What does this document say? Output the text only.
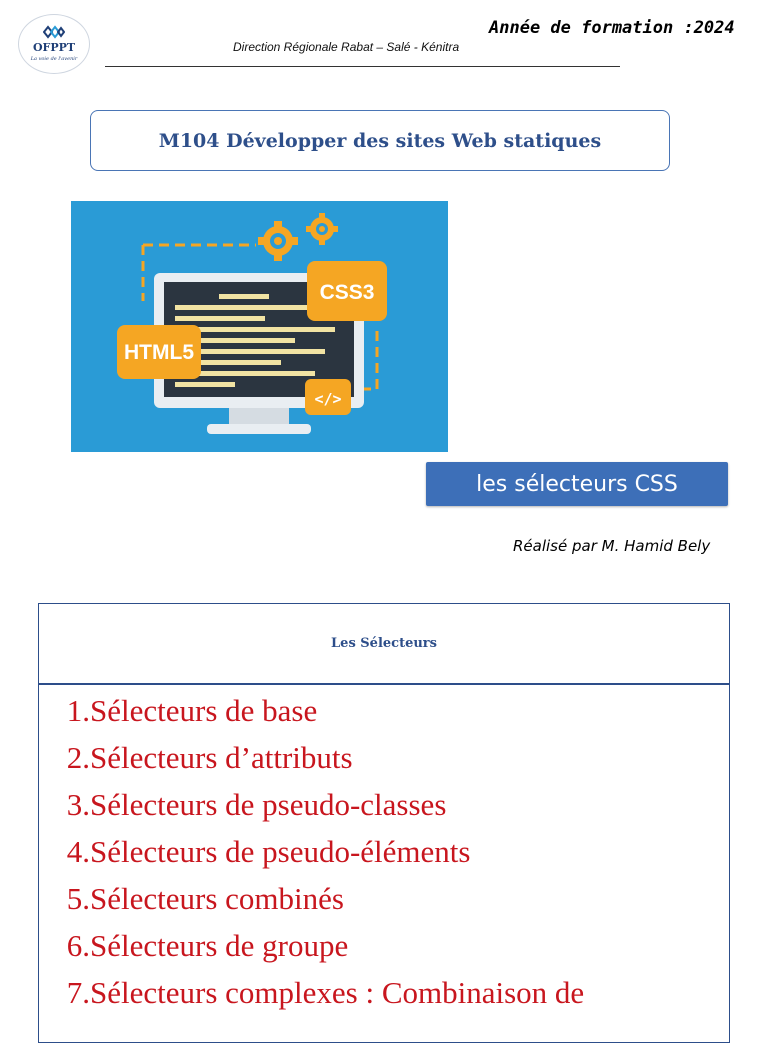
OFPPT
La voie de l'avenir
Année de formation :2024
Direction Régionale Rabat – Salé - Kénitra
M104 Développer des sites Web statiques
CSS3
HTML5
</>
les sélecteurs CSS
Réalisé par M. Hamid Bely
Les Sélecteurs
1. Sélecteurs de base
2. Sélecteurs d’attributs
3. Sélecteurs de pseudo-classes
4. Sélecteurs de pseudo-éléments
5. Sélecteurs combinés
6. Sélecteurs de groupe
7. Sélecteurs complexes : Combinaison de
